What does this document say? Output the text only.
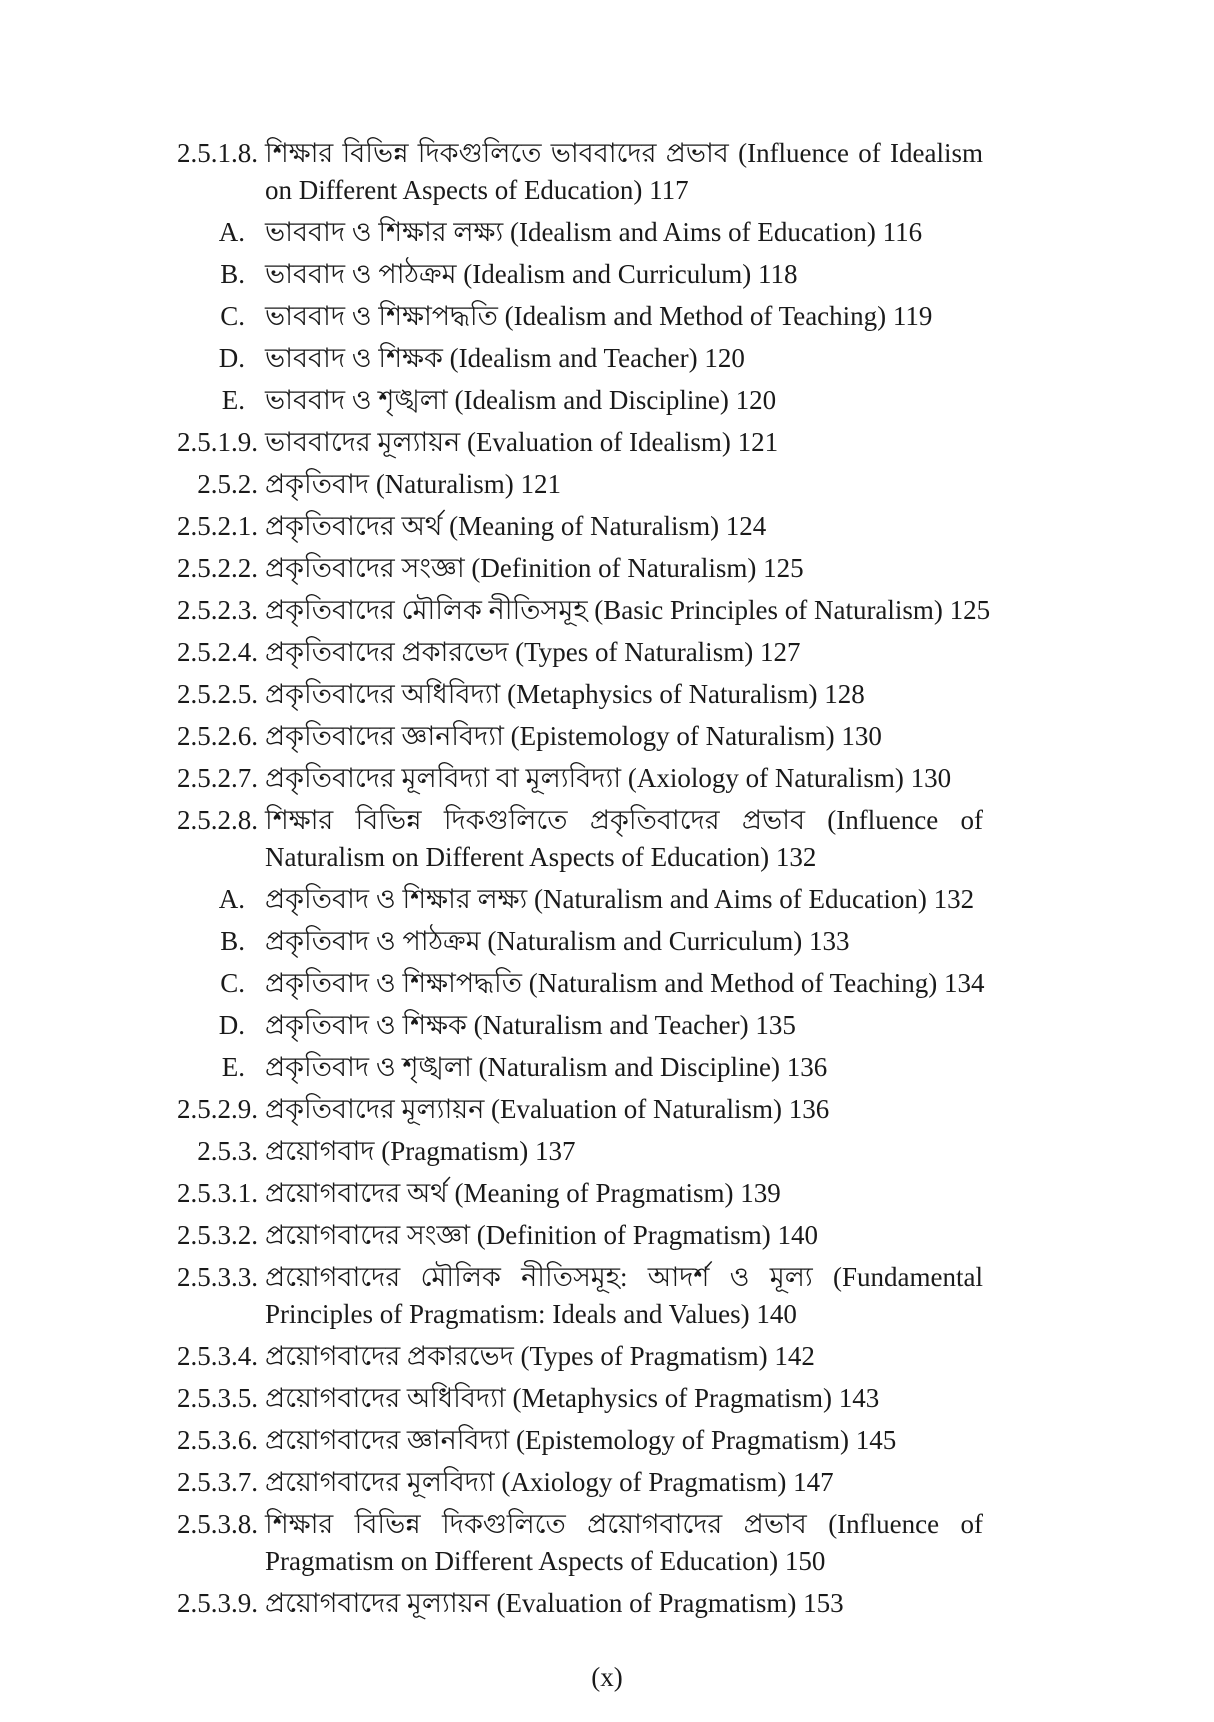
2.5.1.8. শিক্ষার বিভিন্ন দিকগুলিতে ভাববাদের প্রভাব (Influence of Idealism on Different Aspects of Education) 117
A. ভাববাদ ও শিক্ষার লক্ষ্য (Idealism and Aims of Education) 116
B. ভাববাদ ও পাঠক্রম (Idealism and Curriculum) 118
C. ভাববাদ ও শিক্ষাপদ্ধতি (Idealism and Method of Teaching) 119
D. ভাববাদ ও শিক্ষক (Idealism and Teacher) 120
E. ভাববাদ ও শৃঙ্খলা (Idealism and Discipline) 120
2.5.1.9. ভাববাদের মূল্যায়ন (Evaluation of Idealism) 121
2.5.2. প্রকৃতিবাদ (Naturalism) 121
2.5.2.1. প্রকৃতিবাদের অর্থ (Meaning of Naturalism) 124
2.5.2.2. প্রকৃতিবাদের সংজ্ঞা (Definition of Naturalism) 125
2.5.2.3. প্রকৃতিবাদের মৌলিক নীতিসমূহ (Basic Principles of Naturalism) 125
2.5.2.4. প্রকৃতিবাদের প্রকারভেদ (Types of Naturalism) 127
2.5.2.5. প্রকৃতিবাদের অধিবিদ্যা (Metaphysics of Naturalism) 128
2.5.2.6. প্রকৃতিবাদের জ্ঞানবিদ্যা (Epistemology of Naturalism) 130
2.5.2.7. প্রকৃতিবাদের মূলবিদ্যা বা মূল্যবিদ্যা (Axiology of Naturalism) 130
2.5.2.8. শিক্ষার বিভিন্ন দিকগুলিতে প্রকৃতিবাদের প্রভাব (Influence of Naturalism on Different Aspects of Education) 132
A. প্রকৃতিবাদ ও শিক্ষার লক্ষ্য (Naturalism and Aims of Education) 132
B. প্রকৃতিবাদ ও পাঠক্রম (Naturalism and Curriculum) 133
C. প্রকৃতিবাদ ও শিক্ষাপদ্ধতি (Naturalism and Method of Teaching) 134
D. প্রকৃতিবাদ ও শিক্ষক (Naturalism and Teacher) 135
E. প্রকৃতিবাদ ও শৃঙ্খলা (Naturalism and Discipline) 136
2.5.2.9. প্রকৃতিবাদের মূল্যায়ন (Evaluation of Naturalism) 136
2.5.3. প্রয়োগবাদ (Pragmatism) 137
2.5.3.1. প্রয়োগবাদের অর্থ (Meaning of Pragmatism) 139
2.5.3.2. প্রয়োগবাদের সংজ্ঞা (Definition of Pragmatism) 140
2.5.3.3. প্রয়োগবাদের মৌলিক নীতিসমূহ: আদর্শ ও মূল্য (Fundamental Principles of Pragmatism: Ideals and Values) 140
2.5.3.4. প্রয়োগবাদের প্রকারভেদ (Types of Pragmatism) 142
2.5.3.5. প্রয়োগবাদের অধিবিদ্যা (Metaphysics of Pragmatism) 143
2.5.3.6. প্রয়োগবাদের জ্ঞানবিদ্যা (Epistemology of Pragmatism) 145
2.5.3.7. প্রয়োগবাদের মূলবিদ্যা (Axiology of Pragmatism) 147
2.5.3.8. শিক্ষার বিভিন্ন দিকগুলিতে প্রয়োগবাদের প্রভাব (Influence of Pragmatism on Different Aspects of Education) 150
2.5.3.9. প্রয়োগবাদের মূল্যায়ন (Evaluation of Pragmatism) 153
(x)
